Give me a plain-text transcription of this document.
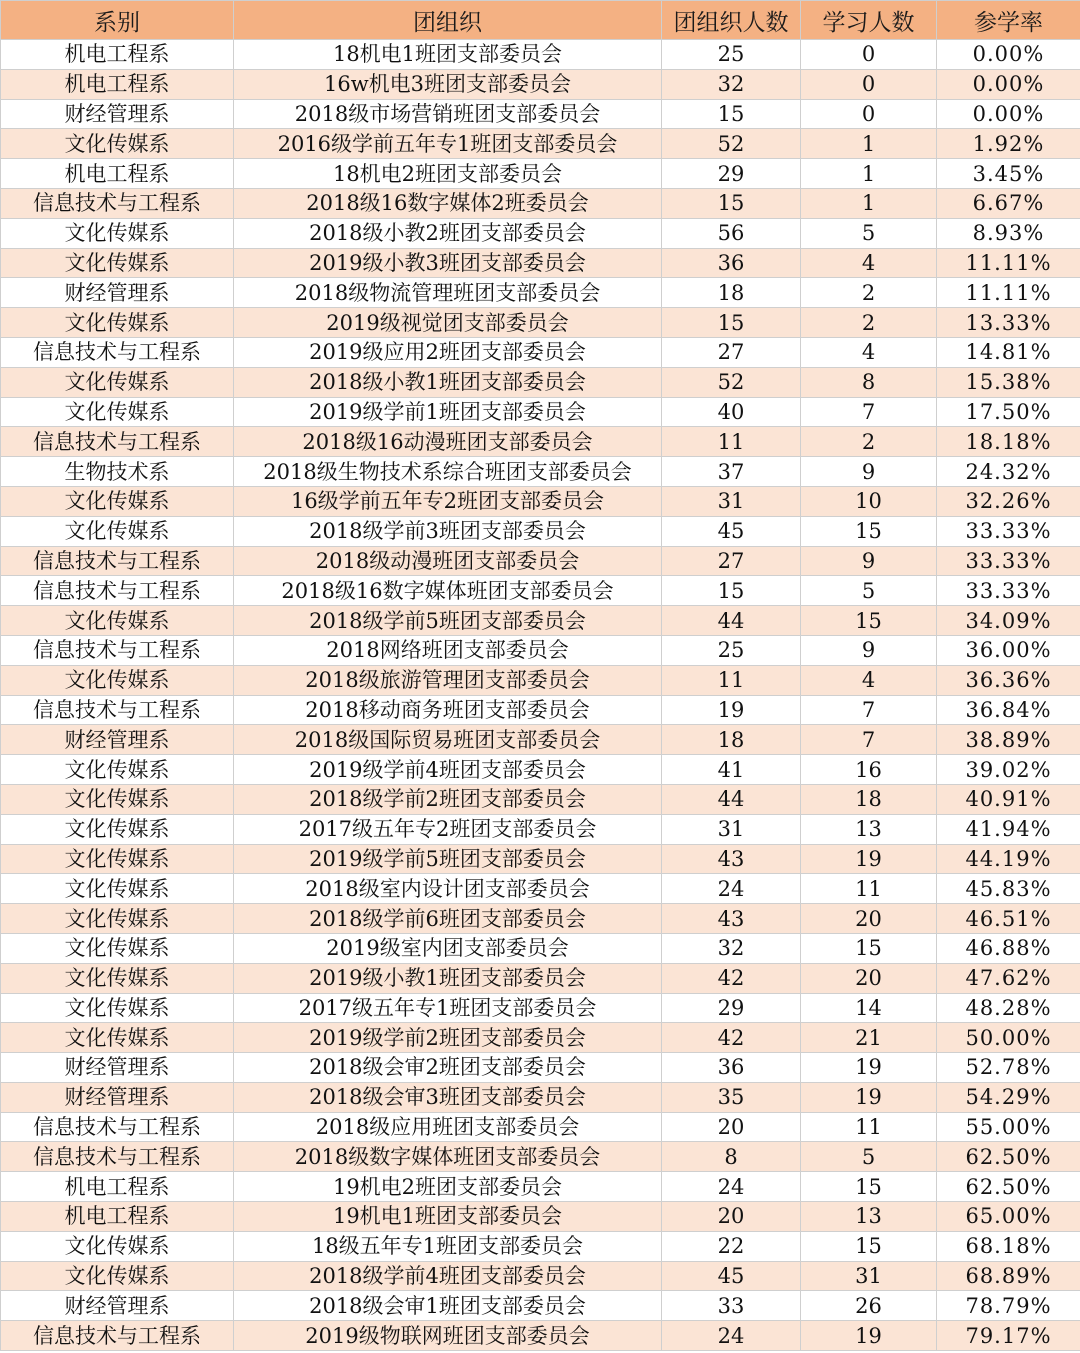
系别	团组织	团组织人数	学习人数	参学率
机电工程系	18机电1班团支部委员会	25	0	0.00%
机电工程系	16w机电3班团支部委员会	32	0	0.00%
财经管理系	2018级市场营销班团支部委员会	15	0	0.00%
文化传媒系	2016级学前五年专1班团支部委员会	52	1	1.92%
机电工程系	18机电2班团支部委员会	29	1	3.45%
信息技术与工程系	2018级16数字媒体2班委员会	15	1	6.67%
文化传媒系	2018级小教2班团支部委员会	56	5	8.93%
文化传媒系	2019级小教3班团支部委员会	36	4	11.11%
财经管理系	2018级物流管理班团支部委员会	18	2	11.11%
文化传媒系	2019级视觉团支部委员会	15	2	13.33%
信息技术与工程系	2019级应用2班团支部委员会	27	4	14.81%
文化传媒系	2018级小教1班团支部委员会	52	8	15.38%
文化传媒系	2019级学前1班团支部委员会	40	7	17.50%
信息技术与工程系	2018级16动漫班团支部委员会	11	2	18.18%
生物技术系	2018级生物技术系综合班团支部委员会	37	9	24.32%
文化传媒系	16级学前五年专2班团支部委员会	31	10	32.26%
文化传媒系	2018级学前3班团支部委员会	45	15	33.33%
信息技术与工程系	2018级动漫班团支部委员会	27	9	33.33%
信息技术与工程系	2018级16数字媒体班团支部委员会	15	5	33.33%
文化传媒系	2018级学前5班团支部委员会	44	15	34.09%
信息技术与工程系	2018网络班团支部委员会	25	9	36.00%
文化传媒系	2018级旅游管理团支部委员会	11	4	36.36%
信息技术与工程系	2018移动商务班团支部委员会	19	7	36.84%
财经管理系	2018级国际贸易班团支部委员会	18	7	38.89%
文化传媒系	2019级学前4班团支部委员会	41	16	39.02%
文化传媒系	2018级学前2班团支部委员会	44	18	40.91%
文化传媒系	2017级五年专2班团支部委员会	31	13	41.94%
文化传媒系	2019级学前5班团支部委员会	43	19	44.19%
文化传媒系	2018级室内设计团支部委员会	24	11	45.83%
文化传媒系	2018级学前6班团支部委员会	43	20	46.51%
文化传媒系	2019级室内团支部委员会	32	15	46.88%
文化传媒系	2019级小教1班团支部委员会	42	20	47.62%
文化传媒系	2017级五年专1班团支部委员会	29	14	48.28%
文化传媒系	2019级学前2班团支部委员会	42	21	50.00%
财经管理系	2018级会审2班团支部委员会	36	19	52.78%
财经管理系	2018级会审3班团支部委员会	35	19	54.29%
信息技术与工程系	2018级应用班团支部委员会	20	11	55.00%
信息技术与工程系	2018级数字媒体班团支部委员会	8	5	62.50%
机电工程系	19机电2班团支部委员会	24	15	62.50%
机电工程系	19机电1班团支部委员会	20	13	65.00%
文化传媒系	18级五年专1班团支部委员会	22	15	68.18%
文化传媒系	2018级学前4班团支部委员会	45	31	68.89%
财经管理系	2018级会审1班团支部委员会	33	26	78.79%
信息技术与工程系	2019级物联网班团支部委员会	24	19	79.17%
